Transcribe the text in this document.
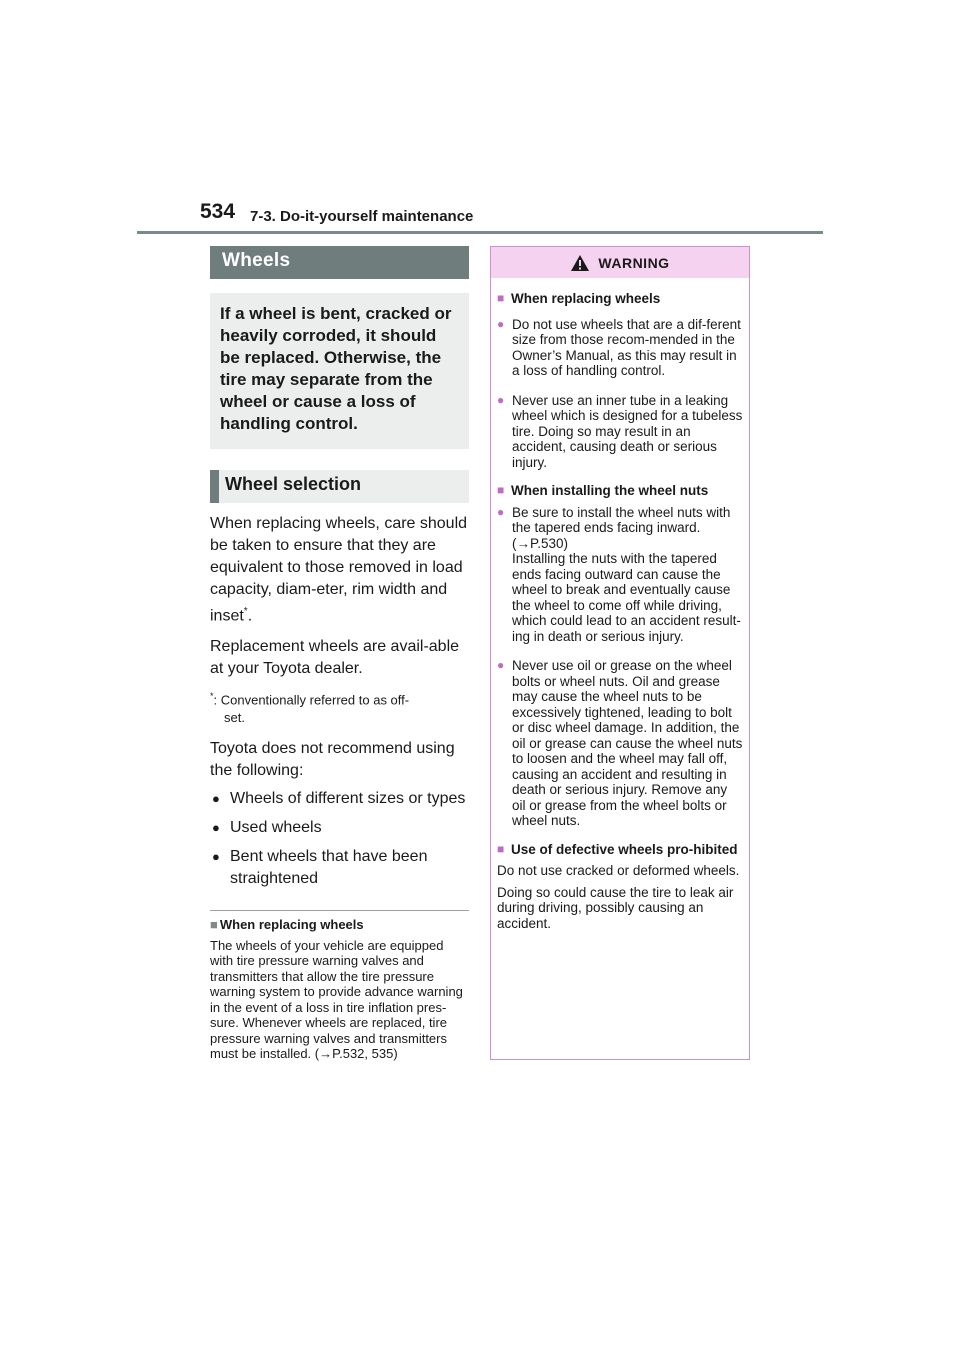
534 7-3. Do-it-yourself maintenance
Wheels
If a wheel is bent, cracked or heavily corroded, it should be replaced. Otherwise, the tire may separate from the wheel or cause a loss of handling control.
Wheel selection
When replacing wheels, care should be taken to ensure that they are equivalent to those removed in load capacity, diam-eter, rim width and inset*.
Replacement wheels are avail-able at your Toyota dealer.
*: Conventionally referred to as off-
set.
Toyota does not recommend using the following:
● Wheels of different sizes or types
● Used wheels
● Bent wheels that have been straightened
■ When replacing wheels
The wheels of your vehicle are equipped with tire pressure warning valves and transmitters that allow the tire pressure warning system to provide advance warning in the event of a loss in tire inflation pres-sure. Whenever wheels are replaced, tire pressure warning valves and transmitters must be installed. (→P.532, 535)
WARNING
■ When replacing wheels
● Do not use wheels that are a dif-ferent size from those recom-mended in the Owner’s Manual, as this may result in a loss of handling control.
● Never use an inner tube in a leaking wheel which is designed for a tubeless tire. Doing so may result in an accident, causing death or serious injury.
■ When installing the wheel nuts
● Be sure to install the wheel nuts with the tapered ends facing inward. (→P.530)
Installing the nuts with the tapered ends facing outward can cause the wheel to break and eventually cause the wheel to come off while driving, which could lead to an accident result-ing in death or serious injury.
● Never use oil or grease on the wheel bolts or wheel nuts. Oil and grease may cause the wheel nuts to be excessively tightened, leading to bolt or disc wheel damage. In addition, the oil or grease can cause the wheel nuts to loosen and the wheel may fall off, causing an accident and resulting in death or serious injury. Remove any oil or grease from the wheel bolts or wheel nuts.
■ Use of defective wheels pro-hibited
Do not use cracked or deformed wheels.
Doing so could cause the tire to leak air during driving, possibly causing an accident.
